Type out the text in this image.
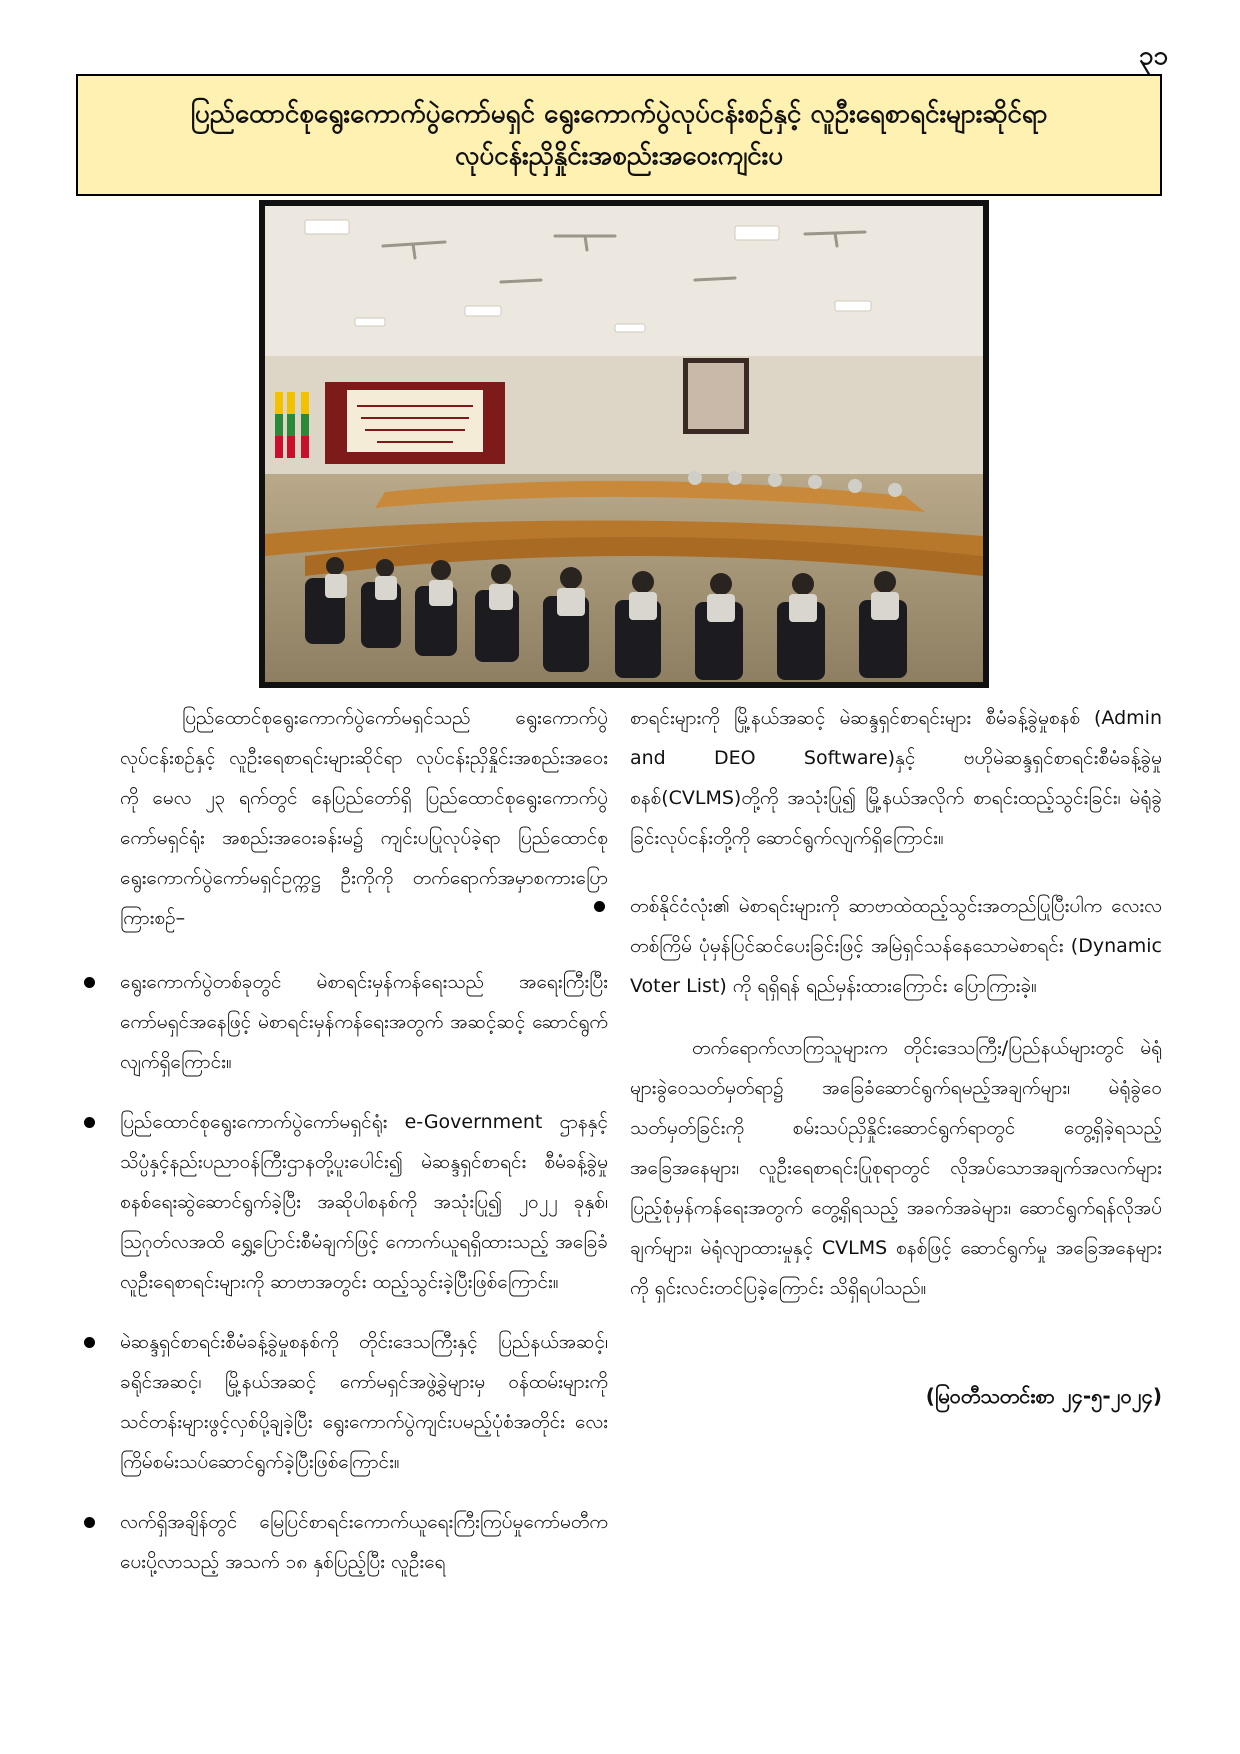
၃၁
ပြည်ထောင်စုရွေးကောက်ပွဲကော်မရှင် ရွေးကောက်ပွဲလုပ်ငန်းစဉ်နှင့် လူဦးရေစာရင်းများဆိုင်ရာ
လုပ်ငန်းညှိနှိုင်းအစည်းအဝေးကျင်းပ

ပြည်ထောင်စုရွေးကောက်ပွဲကော်မရှင်သည် ရွေးကောက်ပွဲလုပ်ငန်းစဉ်နှင့် လူဦးရေစာရင်းများဆိုင်ရာ လုပ်ငန်းညှိနှိုင်းအစည်းအဝေးကို မေလ ၂၃ ရက်တွင် နေပြည်တော်ရှိ ပြည်ထောင်စုရွေးကောက်ပွဲကော်မရှင်ရုံး အစည်းအဝေးခန်းမ၌ ကျင်းပပြုလုပ်ခဲ့ရာ ပြည်ထောင်စုရွေးကောက်ပွဲကော်မရှင်ဥက္ကဋ္ဌ ဦးကိုကို တက်ရောက်အမှာစကားပြောကြားစဉ်–

ရွေးကောက်ပွဲတစ်ခုတွင် မဲစာရင်းမှန်ကန်ရေးသည် အရေးကြီးပြီး ကော်မရှင်အနေဖြင့် မဲစာရင်းမှန်ကန်ရေးအတွက် အဆင့်ဆင့် ဆောင်ရွက်လျက်ရှိကြောင်း။
ပြည်ထောင်စုရွေးကောက်ပွဲကော်မရှင်ရုံး e-Government ဌာနနှင့် သိပ္ပံနှင့်နည်းပညာဝန်ကြီးဌာနတို့ပူးပေါင်း၍ မဲဆန္ဒရှင်စာရင်း စီမံခန့်ခွဲမှုစနစ်ရေးဆွဲဆောင်ရွက်ခဲ့ပြီး အဆိုပါစနစ်ကို အသုံးပြု၍ ၂၀၂၂ ခုနှစ်၊ ဩဂုတ်လအထိ ရွှေ့ပြောင်းစီမံချက်ဖြင့် ကောက်ယူရရှိထားသည့် အခြေခံလူဦးရေစာရင်းများကို ဆာဗာအတွင်း ထည့်သွင်းခဲ့ပြီးဖြစ်ကြောင်း။
မဲဆန္ဒရှင်စာရင်းစီမံခန့်ခွဲမှုစနစ်ကို တိုင်းဒေသကြီးနှင့် ပြည်နယ်အဆင့်၊ ခရိုင်အဆင့်၊ မြို့နယ်အဆင့် ကော်မရှင်အဖွဲ့ခွဲများမှ ဝန်ထမ်းများကို သင်တန်းများဖွင့်လှစ်ပို့ချခဲ့ပြီး ရွေးကောက်ပွဲကျင်းပမည့်ပုံစံအတိုင်း လေးကြိမ်စမ်းသပ်ဆောင်ရွက်ခဲ့ပြီးဖြစ်ကြောင်း။
လက်ရှိအချိန်တွင် မြေပြင်စာရင်းကောက်ယူရေးကြီးကြပ်မှုကော်မတီက ပေးပို့လာသည့် အသက် ၁၈ နှစ်ပြည့်ပြီး လူဦးရေ

စာရင်းများကို မြို့နယ်အဆင့် မဲဆန္ဒရှင်စာရင်းများ စီမံခန့်ခွဲမှုစနစ် (Admin and DEO Software)နှင့် ဗဟိုမဲဆန္ဒရှင်စာရင်းစီမံခန့်ခွဲမှုစနစ်(CVLMS)တို့ကို အသုံးပြု၍ မြို့နယ်အလိုက် စာရင်းထည့်သွင်းခြင်း၊ မဲရုံခွဲခြင်းလုပ်ငန်းတို့ကို ဆောင်ရွက်လျက်ရှိကြောင်း။

တစ်နိုင်ငံလုံး၏ မဲစာရင်းများကို ဆာဗာထဲထည့်သွင်းအတည်ပြုပြီးပါက လေးလတစ်ကြိမ် ပုံမှန်ပြင်ဆင်ပေးခြင်းဖြင့် အမြဲရှင်သန်နေသောမဲစာရင်း (Dynamic Voter List) ကို ရရှိရန် ရည်မှန်းထားကြောင်း ပြောကြားခဲ့။

တက်ရောက်လာကြသူများက တိုင်းဒေသကြီး/ပြည်နယ်များတွင် မဲရုံများခွဲဝေသတ်မှတ်ရာ၌ အခြေခံဆောင်ရွက်ရမည့်အချက်များ၊ မဲရုံခွဲဝေသတ်မှတ်ခြင်းကို စမ်းသပ်ညှိနှိုင်းဆောင်ရွက်ရာတွင် တွေ့ရှိခဲ့ရသည့် အခြေအနေများ၊ လူဦးရေစာရင်းပြုစုရာတွင် လိုအပ်သောအချက်အလက်များ ပြည့်စုံမှန်ကန်ရေးအတွက် တွေ့ရှိရသည့် အခက်အခဲများ၊ ဆောင်ရွက်ရန်လိုအပ်ချက်များ၊ မဲရုံလျာထားမှုနှင့် CVLMS စနစ်ဖြင့် ဆောင်ရွက်မှု အခြေအနေများကို ရှင်းလင်းတင်ပြခဲ့ကြောင်း သိရှိရပါသည်။

(မြဝတီသတင်းစာ ၂၄-၅-၂၀၂၄)
